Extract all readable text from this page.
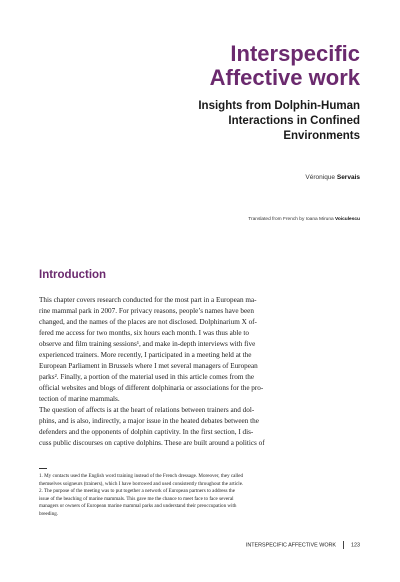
Interspecific
Affective work
Insights from Dolphin-Human
Interactions in Confined
Environments
Véronique Servais
Translated from French by Ioana Miruna Voiculescu
Introduction
This chapter covers research conducted for the most part in a European ma-
rine mammal park in 2007. For privacy reasons, people’s names have been
changed, and the names of the places are not disclosed. Dolphinarium X of-
fered me access for two months, six hours each month. I was thus able to
observe and film training sessions¹, and make in-depth interviews with five
experienced trainers. More recently, I participated in a meeting held at the
European Parliament in Brussels where I met several managers of European
parks². Finally, a portion of the material used in this article comes from the
official websites and blogs of different dolphinaria or associations for the pro-
tection of marine mammals.
The question of affects is at the heart of relations between trainers and dol-
phins, and is also, indirectly, a major issue in the heated debates between the
defenders and the opponents of dolphin captivity. In the first section, I dis-
cuss public discourses on captive dolphins. These are built around a politics of
1. My contacts used the English word training instead of the French dressage. Moreover, they called
themselves soigneurs (trainers), which I have borrowed and used consistently throughout the article.
2. The purpose of the meeting was to put together a network of European partners to address the
issue of the beaching of marine mammals. This gave me the chance to meet face to face several
managers or owners of European marine mammal parks and understand their preoccupation with
breeding.
INTERSPECIFIC AFFECTIVE WORK	123
